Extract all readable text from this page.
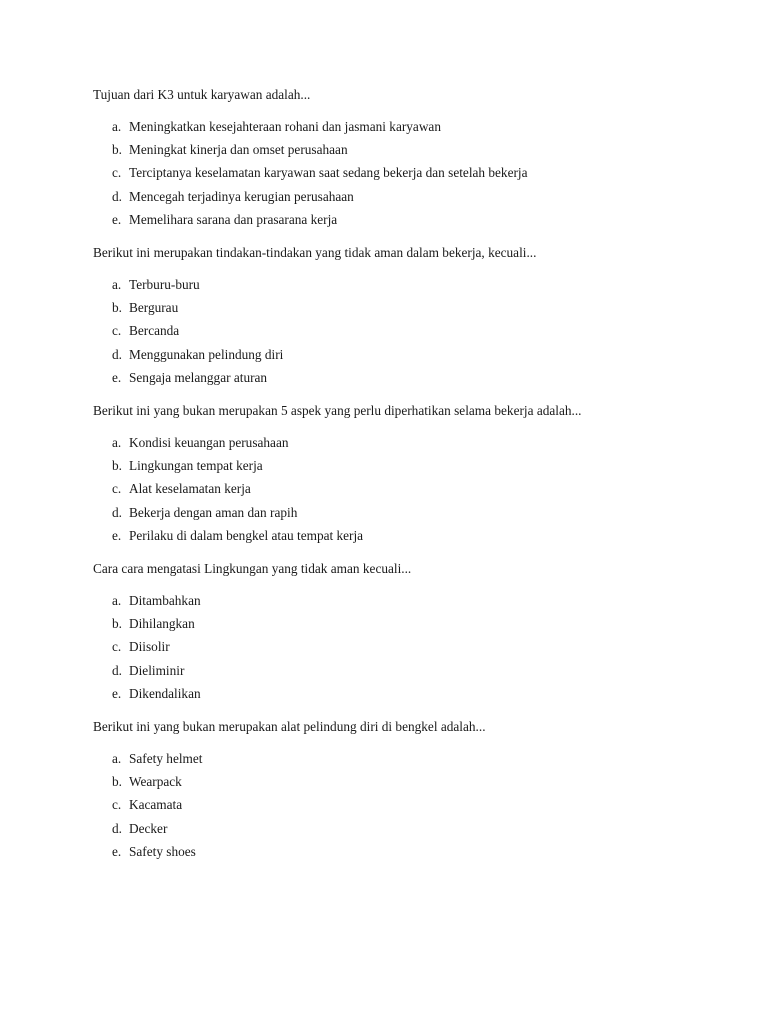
Tujuan dari K3 untuk karyawan adalah...
a. Meningkatkan kesejahteraan rohani dan jasmani karyawan
b. Meningkat kinerja dan omset perusahaan
c. Terciptanya keselamatan karyawan saat sedang bekerja dan setelah bekerja
d. Mencegah terjadinya kerugian perusahaan
e. Memelihara sarana dan prasarana kerja
Berikut ini merupakan tindakan-tindakan yang tidak aman dalam bekerja, kecuali...
a. Terburu-buru
b. Bergurau
c. Bercanda
d. Menggunakan pelindung diri
e. Sengaja melanggar aturan
Berikut ini yang bukan merupakan 5 aspek yang perlu diperhatikan selama bekerja adalah...
a. Kondisi keuangan perusahaan
b. Lingkungan tempat kerja
c. Alat keselamatan kerja
d. Bekerja dengan aman dan rapih
e. Perilaku di dalam bengkel atau tempat kerja
Cara cara mengatasi Lingkungan yang tidak aman kecuali...
a. Ditambahkan
b. Dihilangkan
c. Diisolir
d. Dieliminir
e. Dikendalikan
Berikut ini yang bukan merupakan alat pelindung diri di bengkel adalah...
a. Safety helmet
b. Wearpack
c. Kacamata
d. Decker
e. Safety shoes
